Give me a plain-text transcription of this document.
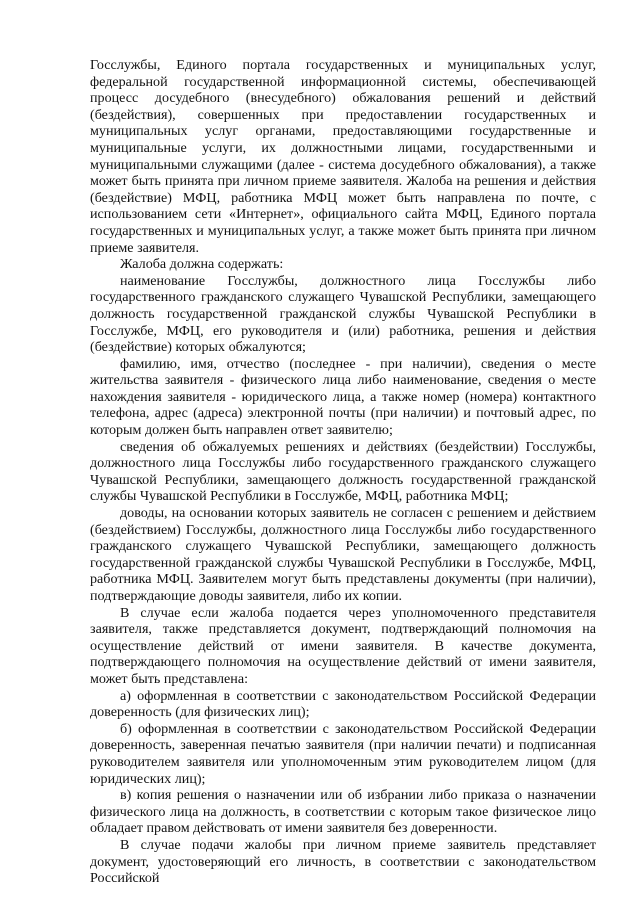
Госслужбы, Единого портала государственных и муниципальных услуг, федеральной государственной информационной системы, обеспечивающей процесс досудебного (внесудебного) обжалования решений и действий (бездействия), совершенных при предоставлении государственных и муниципальных услуг органами, предоставляющими государственные и муниципальные услуги, их должностными лицами, государственными и муниципальными служащими (далее - система досудебного обжалования), а также может быть принята при личном приеме заявителя. Жалоба на решения и действия (бездействие) МФЦ, работника МФЦ может быть направлена по почте, с использованием сети «Интернет», официального сайта МФЦ, Единого портала государственных и муниципальных услуг, а также может быть принята при личном приеме заявителя.

Жалоба должна содержать:

наименование Госслужбы, должностного лица Госслужбы либо государственного гражданского служащего Чувашской Республики, замещающего должность государственной гражданской службы Чувашской Республики в Госслужбе, МФЦ, его руководителя и (или) работника, решения и действия (бездействие) которых обжалуются;

фамилию, имя, отчество (последнее - при наличии), сведения о месте жительства заявителя - физического лица либо наименование, сведения о месте нахождения заявителя - юридического лица, а также номер (номера) контактного телефона, адрес (адреса) электронной почты (при наличии) и почтовый адрес, по которым должен быть направлен ответ заявителю;

сведения об обжалуемых решениях и действиях (бездействии) Госслужбы, должностного лица Госслужбы либо государственного гражданского служащего Чувашской Республики, замещающего должность государственной гражданской службы Чувашской Республики в Госслужбе, МФЦ, работника МФЦ;

доводы, на основании которых заявитель не согласен с решением и действием (бездействием) Госслужбы, должностного лица Госслужбы либо государственного гражданского служащего Чувашской Республики, замещающего должность государственной гражданской службы Чувашской Республики в Госслужбе, МФЦ, работника МФЦ. Заявителем могут быть представлены документы (при наличии), подтверждающие доводы заявителя, либо их копии.

В случае если жалоба подается через уполномоченного представителя заявителя, также представляется документ, подтверждающий полномочия на осуществление действий от имени заявителя. В качестве документа, подтверждающего полномочия на осуществление действий от имени заявителя, может быть представлена:

а) оформленная в соответствии с законодательством Российской Федерации доверенность (для физических лиц);

б) оформленная в соответствии с законодательством Российской Федерации доверенность, заверенная печатью заявителя (при наличии печати) и подписанная руководителем заявителя или уполномоченным этим руководителем лицом (для юридических лиц);

в) копия решения о назначении или об избрании либо приказа о назначении физического лица на должность, в соответствии с которым такое физическое лицо обладает правом действовать от имени заявителя без доверенности.

В случае подачи жалобы при личном приеме заявитель представляет документ, удостоверяющий его личность, в соответствии с законодательством Российской
